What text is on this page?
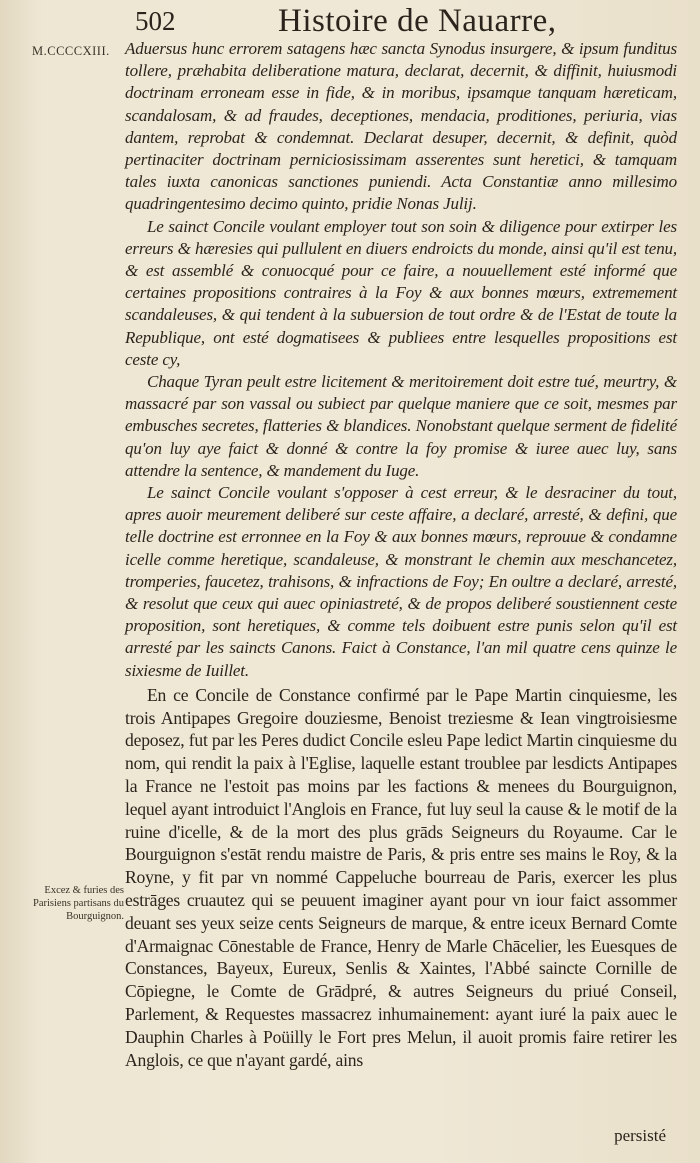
502	Histoire de Nauarre,
M.CCCCXIII.
Excez & furies des Parisiens partisans du Bourguignon.

Aduersus hunc errorem satagens hæc sancta Synodus insurgere, & ipsum funditus tollere, præhabita deliberatione matura, declarat, decernit, & diffinit, huiusmodi doctrinam erroneam esse in fide, & in moribus, ipsamque tanquam hæreticam, scandalosam, & ad fraudes, deceptiones, mendacia, proditiones, periuria, vias dantem, reprobat & condemnat. Declarat desuper, decernit, & definit, quòd pertinaciter doctrinam perniciosissimam asserentes sunt heretici, & tamquam tales iuxta canonicas sanctiones puniendi. Acta Constantiæ anno millesimo quadringentesimo decimo quinto, pridie Nonas Julij.

Le sainct Concile voulant employer tout son soin & diligence pour extirper les erreurs & hæresies qui pullulent en diuers endroicts du monde, ainsi qu'il est tenu, & est assemblé & conuocqué pour ce faire, a nouuellement esté informé que certaines propositions contraires à la Foy & aux bonnes mœurs, extremement scandaleuses, & qui tendent à la subuersion de tout ordre & de l'Estat de toute la Republique, ont esté dogmatisees & publiees entre lesquelles propositions est ceste cy,

Chaque Tyran peult estre licitement & meritoirement doit estre tué, meurtry, & massacré par son vassal ou subiect par quelque maniere que ce soit, mesmes par embusches secretes, flatteries & blandices. Nonobstant quelque serment de fidelité qu'on luy aye faict & donné & contre la foy promise & iuree auec luy, sans attendre la sentence, & mandement du Iuge.

Le sainct Concile voulant s'opposer à cest erreur, & le desraciner du tout, apres auoir meurement deliberé sur ceste affaire, a declaré, arresté, & defini, que telle doctrine est erronnee en la Foy & aux bonnes mœurs, reprouue & condamne icelle comme heretique, scandaleuse, & monstrant le chemin aux meschancetez, tromperies, faucetez, trahisons, & infractions de Foy; En oultre a declaré, arresté, & resolut que ceux qui auec opiniastreté, & de propos deliberé soustiennent ceste proposition, sont heretiques, & comme tels doibuent estre punis selon qu'il est arresté par les saincts Canons. Faict à Constance, l'an mil quatre cens quinze le sixiesme de Iuillet.

En ce Concile de Constance confirmé par le Pape Martin cinquiesme, les trois Antipapes Gregoire douziesme, Benoist treziesme & Iean vingtroisiesme deposez, fut par les Peres dudict Concile esleu Pape ledict Martin cinquiesme du nom, qui rendit la paix à l'Eglise, laquelle estant troublee par lesdicts Antipapes la France ne l'estoit pas moins par les factions & menees du Bourguignon, lequel ayant introduict l'Anglois en France, fut luy seul la cause & le motif de la ruine d'icelle, & de la mort des plus grāds Seigneurs du Royaume. Car le Bourguignon s'estāt rendu maistre de Paris, & pris entre ses mains le Roy, & la Royne, y fit par vn nommé Cappeluche bourreau de Paris, exercer les plus estrāges cruautez qui se peuuent imaginer ayant pour vn iour faict assommer deuant ses yeux seize cents Seigneurs de marque, & entre iceux Bernard Comte d'Armaignac Cōnestable de France, Henry de Marle Chācelier, les Euesques de Constances, Bayeux, Eureux, Senlis & Xaintes, l'Abbé saincte Cornille de Cōpiegne, le Comte de Grādpré, & autres Seigneurs du priué Conseil, Parlement, & Requestes massacrez inhumainement: ayant iuré la paix auec le Dauphin Charles à Poüilly le Fort pres Melun, il auoit promis faire retirer les Anglois, ce que n'ayant gardé, ains

persisté
